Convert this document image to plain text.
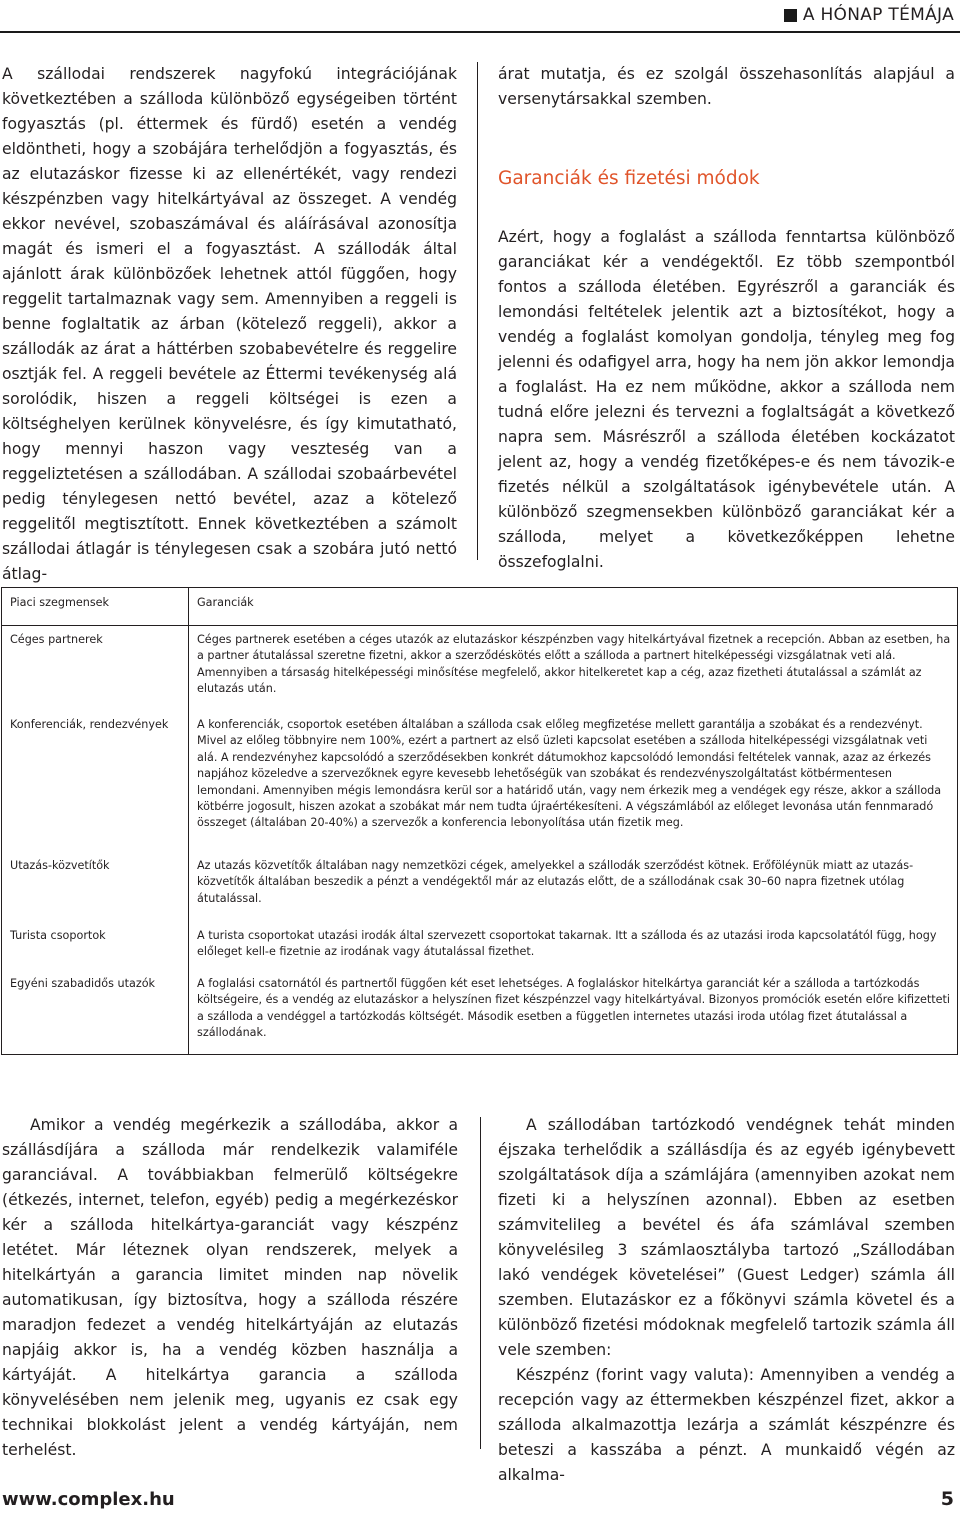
A HÓNAP TÉMÁJA

A szállodai rendszerek nagyfokú integrációjának következtében a szálloda különböző egységeiben történt fogyasztás (pl. éttermek és fürdő) esetén a vendég eldöntheti, hogy a szobájára terhelődjön a fogyasztás, és az elutazáskor fizesse ki az ellenértékét, vagy rendezi készpénzben vagy hitelkártyával az összeget. A vendég ekkor nevével, szobaszámával és aláírásával azonosítja magát és ismeri el a fogyasztást. A szállodák által ajánlott árak különbözőek lehetnek attól függően, hogy reggelit tartalmaznak vagy sem. Amennyiben a reggeli is benne foglaltatik az árban (kötelező reggeli), akkor a szállodák az árat a háttérben szobabevételre és reggelire osztják fel. A reggeli bevétele az Éttermi tevékenység alá sorolódik, hiszen a reggeli költségei is ezen a költséghelyen kerülnek könyvelésre, és így kimutatható, hogy mennyi haszon vagy veszteség van a reggeliztetésen a szállodában. A szállodai szobaárbevétel pedig ténylegesen nettó bevétel, azaz a kötelező reggelitől megtisztított. Ennek következtében a számolt szállodai átlagár is ténylegesen csak a szobára jutó nettó átlag-

árat mutatja, és ez szolgál összehasonlítás alapjául a versenytársakkal szemben.

Garanciák és fizetési módok

Azért, hogy a foglalást a szálloda fenntartsa különböző garanciákat kér a vendégektől. Ez több szempontból fontos a szálloda életében. Egyrészről a garanciák és lemondási feltételek jelentik azt a biztosítékot, hogy a vendég a foglalást komolyan gondolja, tényleg meg fog jelenni és odafigyel arra, hogy ha nem jön akkor lemondja a foglalást. Ha ez nem működne, akkor a szálloda nem tudná előre jelezni és tervezni a foglaltságát a következő napra sem. Másrészről a szálloda életében kockázatot jelent az, hogy a vendég fizetőképes-e és nem távozik-e fizetés nélkül a szolgáltatások igénybevétele után. A különböző szegmensekben különböző garanciákat kér a szálloda, melyet a következőképpen lehetne összefoglalni.

Piaci szegmensek	Garanciák
Céges partnerek	Céges partnerek esetében a céges utazók az elutazáskor készpénzben vagy hitelkártyával fizetnek a recepción. Abban az esetben, ha a partner átutalással szeretne fizetni, akkor a szerződéskötés előtt a szálloda a partnert hitelképességi vizsgálatnak veti alá. Amennyiben a társaság hitelképességi minősítése megfelelő, akkor hitelkeretet kap a cég, azaz fizetheti átutalással a számlát az elutazás után.
Konferenciák, rendezvények	A konferenciák, csoportok esetében általában a szálloda csak előleg megfizetése mellett garantálja a szobákat és a rendezvényt. Mivel az előleg többnyire nem 100%, ezért a partnert az első üzleti kapcsolat esetében a szálloda hitelképességi vizsgálatnak veti alá. A rendezvényhez kapcsolódó a szerződésekben konkrét dátumokhoz kapcsolódó lemondási feltételek vannak, azaz az érkezés napjához közeledve a szervezőknek egyre kevesebb lehetőségük van szobákat és rendezvényszolgáltatást kötbérmentesen lemondani. Amennyiben mégis lemondásra kerül sor a határidő után, vagy nem érkezik meg a vendégek egy része, akkor a szálloda kötbérre jogosult, hiszen azokat a szobákat már nem tudta újraértékesíteni. A végszámlából az előleget levonása után fennmaradó összeget (általában 20-40%) a szervezők a konferencia lebonyolítása után fizetik meg.
Utazás-közvetítők	Az utazás közvetítők általában nagy nemzetközi cégek, amelyekkel a szállodák szerződést kötnek. Erőföléynük miatt az utazás-közvetítők általában beszedik a pénzt a vendégektől már az elutazás előtt, de a szállodának csak 30–60 napra fizetnek utólag átutalással.
Turista csoportok	A turista csoportokat utazási irodák által szervezett csoportokat takarnak. Itt a szálloda és az utazási iroda kapcsolatától függ, hogy előleget kell-e fizetnie az irodának vagy átutalással fizethet.
Egyéni szabadidős utazók	A foglalási csatornától és partnertől függően két eset lehetséges. A foglaláskor hitelkártya garanciát kér a szálloda a tartózkodás költségeire, és a vendég az elutazáskor a helyszínen fizet készpénzzel vagy hitelkártyával. Bizonyos promóciók esetén előre kifizetteti a szálloda a vendéggel a tartózkodás költségét. Második esetben a független internetes utazási iroda utólag fizet átutalással a szállodának.

Amikor a vendég megérkezik a szállodába, akkor a szállásdíjára a szálloda már rendelkezik valamiféle garanciával. A továbbiakban felmerülő költségekre (étkezés, internet, telefon, egyéb) pedig a megérkezéskor kér a szálloda hitelkártya-garanciát vagy készpénz letétet. Már léteznek olyan rendszerek, melyek a hitelkártyán a garancia limitet minden nap növelik automatikusan, így biztosítva, hogy a szálloda részére maradjon fedezet a vendég hitelkártyáján az elutazás napjáig akkor is, ha a vendég közben használja a kártyáját. A hitelkártya garancia a szálloda könyvelésében nem jelenik meg, ugyanis ez csak egy technikai blokkolást jelent a vendég kártyáján, nem terhelést.

A szállodában tartózkodó vendégnek tehát minden éjszaka terhelődik a szállásdíja és az egyéb igénybevett szolgáltatások díja a számlájára (amennyiben azokat nem fizeti ki a helyszínen azonnal). Ebben az esetben számviteliIeg a bevétel és áfa számlával szemben könyvelésileg 3 számlaosztályba tartozó „Szállodában lakó vendégek követelései” (Guest Ledger) számla áll szemben. Elutazáskor ez a főkönyvi számla követel és a különböző fizetési módoknak megfelelő tartozik számla áll vele szemben:

Készpénz (forint vagy valuta): Amennyiben a vendég a recepción vagy az éttermekben készpénzel fizet, akkor a szálloda alkalmazottja lezárja a számlát készpénzre és beteszi a kasszába a pénzt. A munkaidő végén az alkalma-

www.complex.hu	5
